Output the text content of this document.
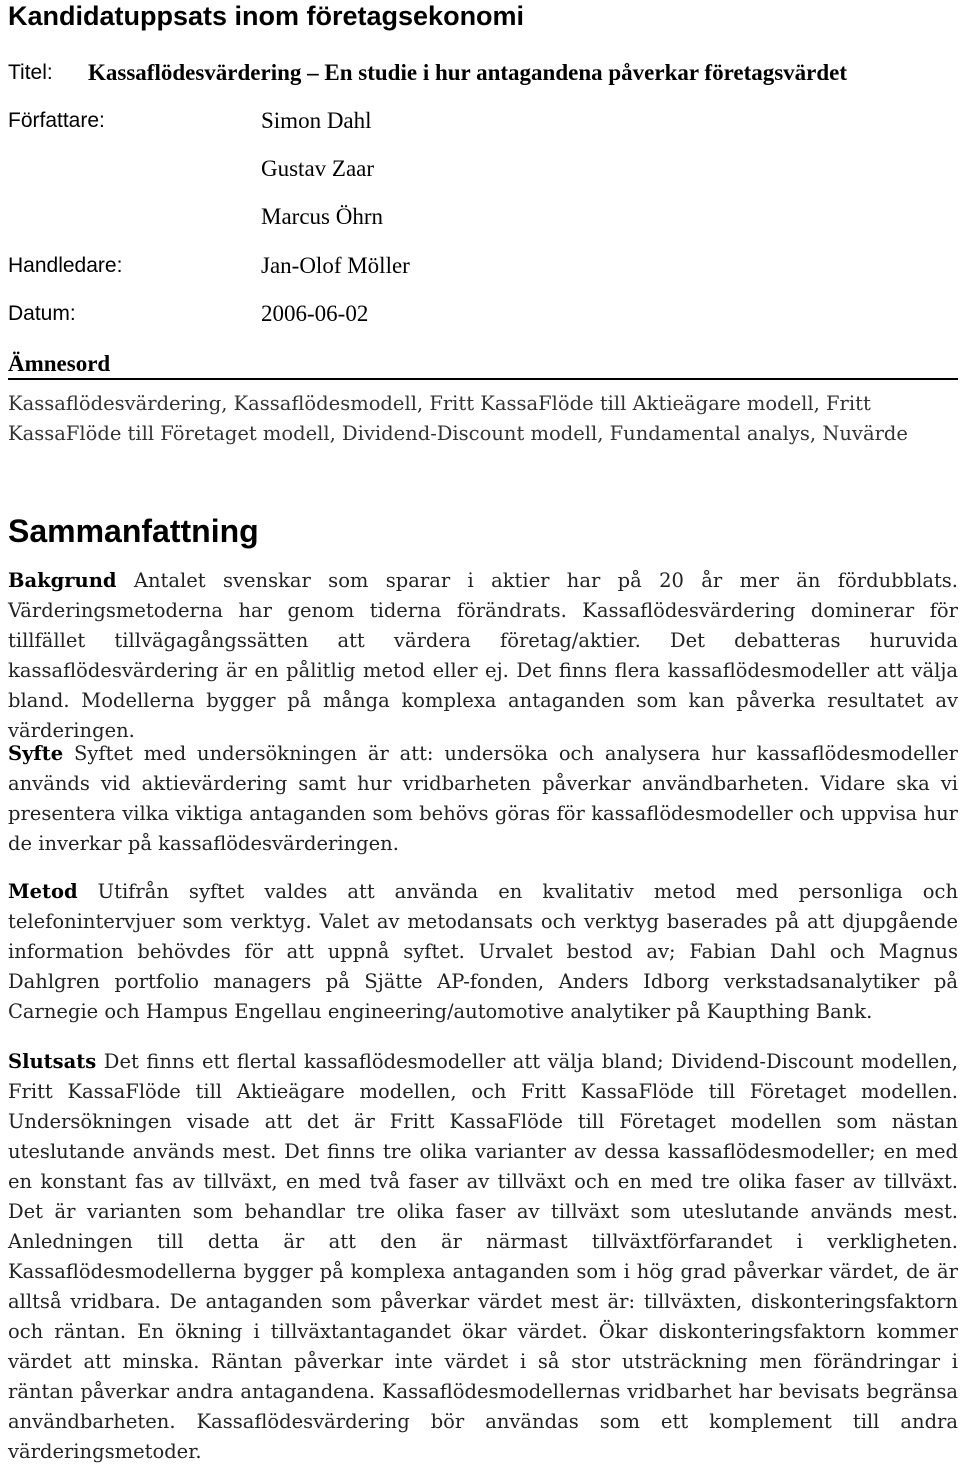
Kandidatuppsats inom företagsekonomi
Titel: Kassaflödesvärdering – En studie i hur antagandena påverkar företagsvärdet
Författare:	Simon Dahl
Gustav Zaar
Marcus Öhrn
Handledare:	Jan-Olof Möller
Datum:	2006-06-02
Ämnesord
Kassaflödesvärdering, Kassaflödesmodell, Fritt KassaFlöde till Aktieägare modell, Fritt KassaFlöde till Företaget modell, Dividend-Discount modell, Fundamental analys, Nuvärde
Sammanfattning
Bakgrund Antalet svenskar som sparar i aktier har på 20 år mer än fördubblats. Värderingsmetoderna har genom tiderna förändrats. Kassaflödesvärdering dominerar för tillfället tillvägagångssätten att värdera företag/aktier. Det debatteras huruvida kassaflödesvärdering är en pålitlig metod eller ej. Det finns flera kassaflödesmodeller att välja bland. Modellerna bygger på många komplexa antaganden som kan påverka resultatet av värderingen.
Syfte Syftet med undersökningen är att: undersöka och analysera hur kassaflödesmodeller används vid aktievärdering samt hur vridbarheten påverkar användbarheten. Vidare ska vi presentera vilka viktiga antaganden som behövs göras för kassaflödesmodeller och uppvisa hur de inverkar på kassaflödesvärderingen.
Metod Utifrån syftet valdes att använda en kvalitativ metod med personliga och telefonintervjuer som verktyg. Valet av metodansats och verktyg baserades på att djupgående information behövdes för att uppnå syftet. Urvalet bestod av; Fabian Dahl och Magnus Dahlgren portfolio managers på Sjätte AP-fonden, Anders Idborg verkstadsanalytiker på Carnegie och Hampus Engellau engineering/automotive analytiker på Kaupthing Bank.
Slutsats Det finns ett flertal kassaflödesmodeller att välja bland; Dividend-Discount modellen, Fritt KassaFlöde till Aktieägare modellen, och Fritt KassaFlöde till Företaget modellen. Undersökningen visade att det är Fritt KassaFlöde till Företaget modellen som nästan uteslutande används mest. Det finns tre olika varianter av dessa kassaflödesmodeller; en med en konstant fas av tillväxt, en med två faser av tillväxt och en med tre olika faser av tillväxt. Det är varianten som behandlar tre olika faser av tillväxt som uteslutande används mest. Anledningen till detta är att den är närmast tillväxtförfarandet i verkligheten. Kassaflödesmodellerna bygger på komplexa antaganden som i hög grad påverkar värdet, de är alltså vridbara. De antaganden som påverkar värdet mest är: tillväxten, diskonteringsfaktorn och räntan. En ökning i tillväxtantagandet ökar värdet. Ökar diskonteringsfaktorn kommer värdet att minska. Räntan påverkar inte värdet i så stor utsträckning men förändringar i räntan påverkar andra antagandena. Kassaflödesmodellernas vridbarhet har bevisats begränsa användbarheten. Kassaflödesvärdering bör användas som ett komplement till andra värderingsmetoder.
